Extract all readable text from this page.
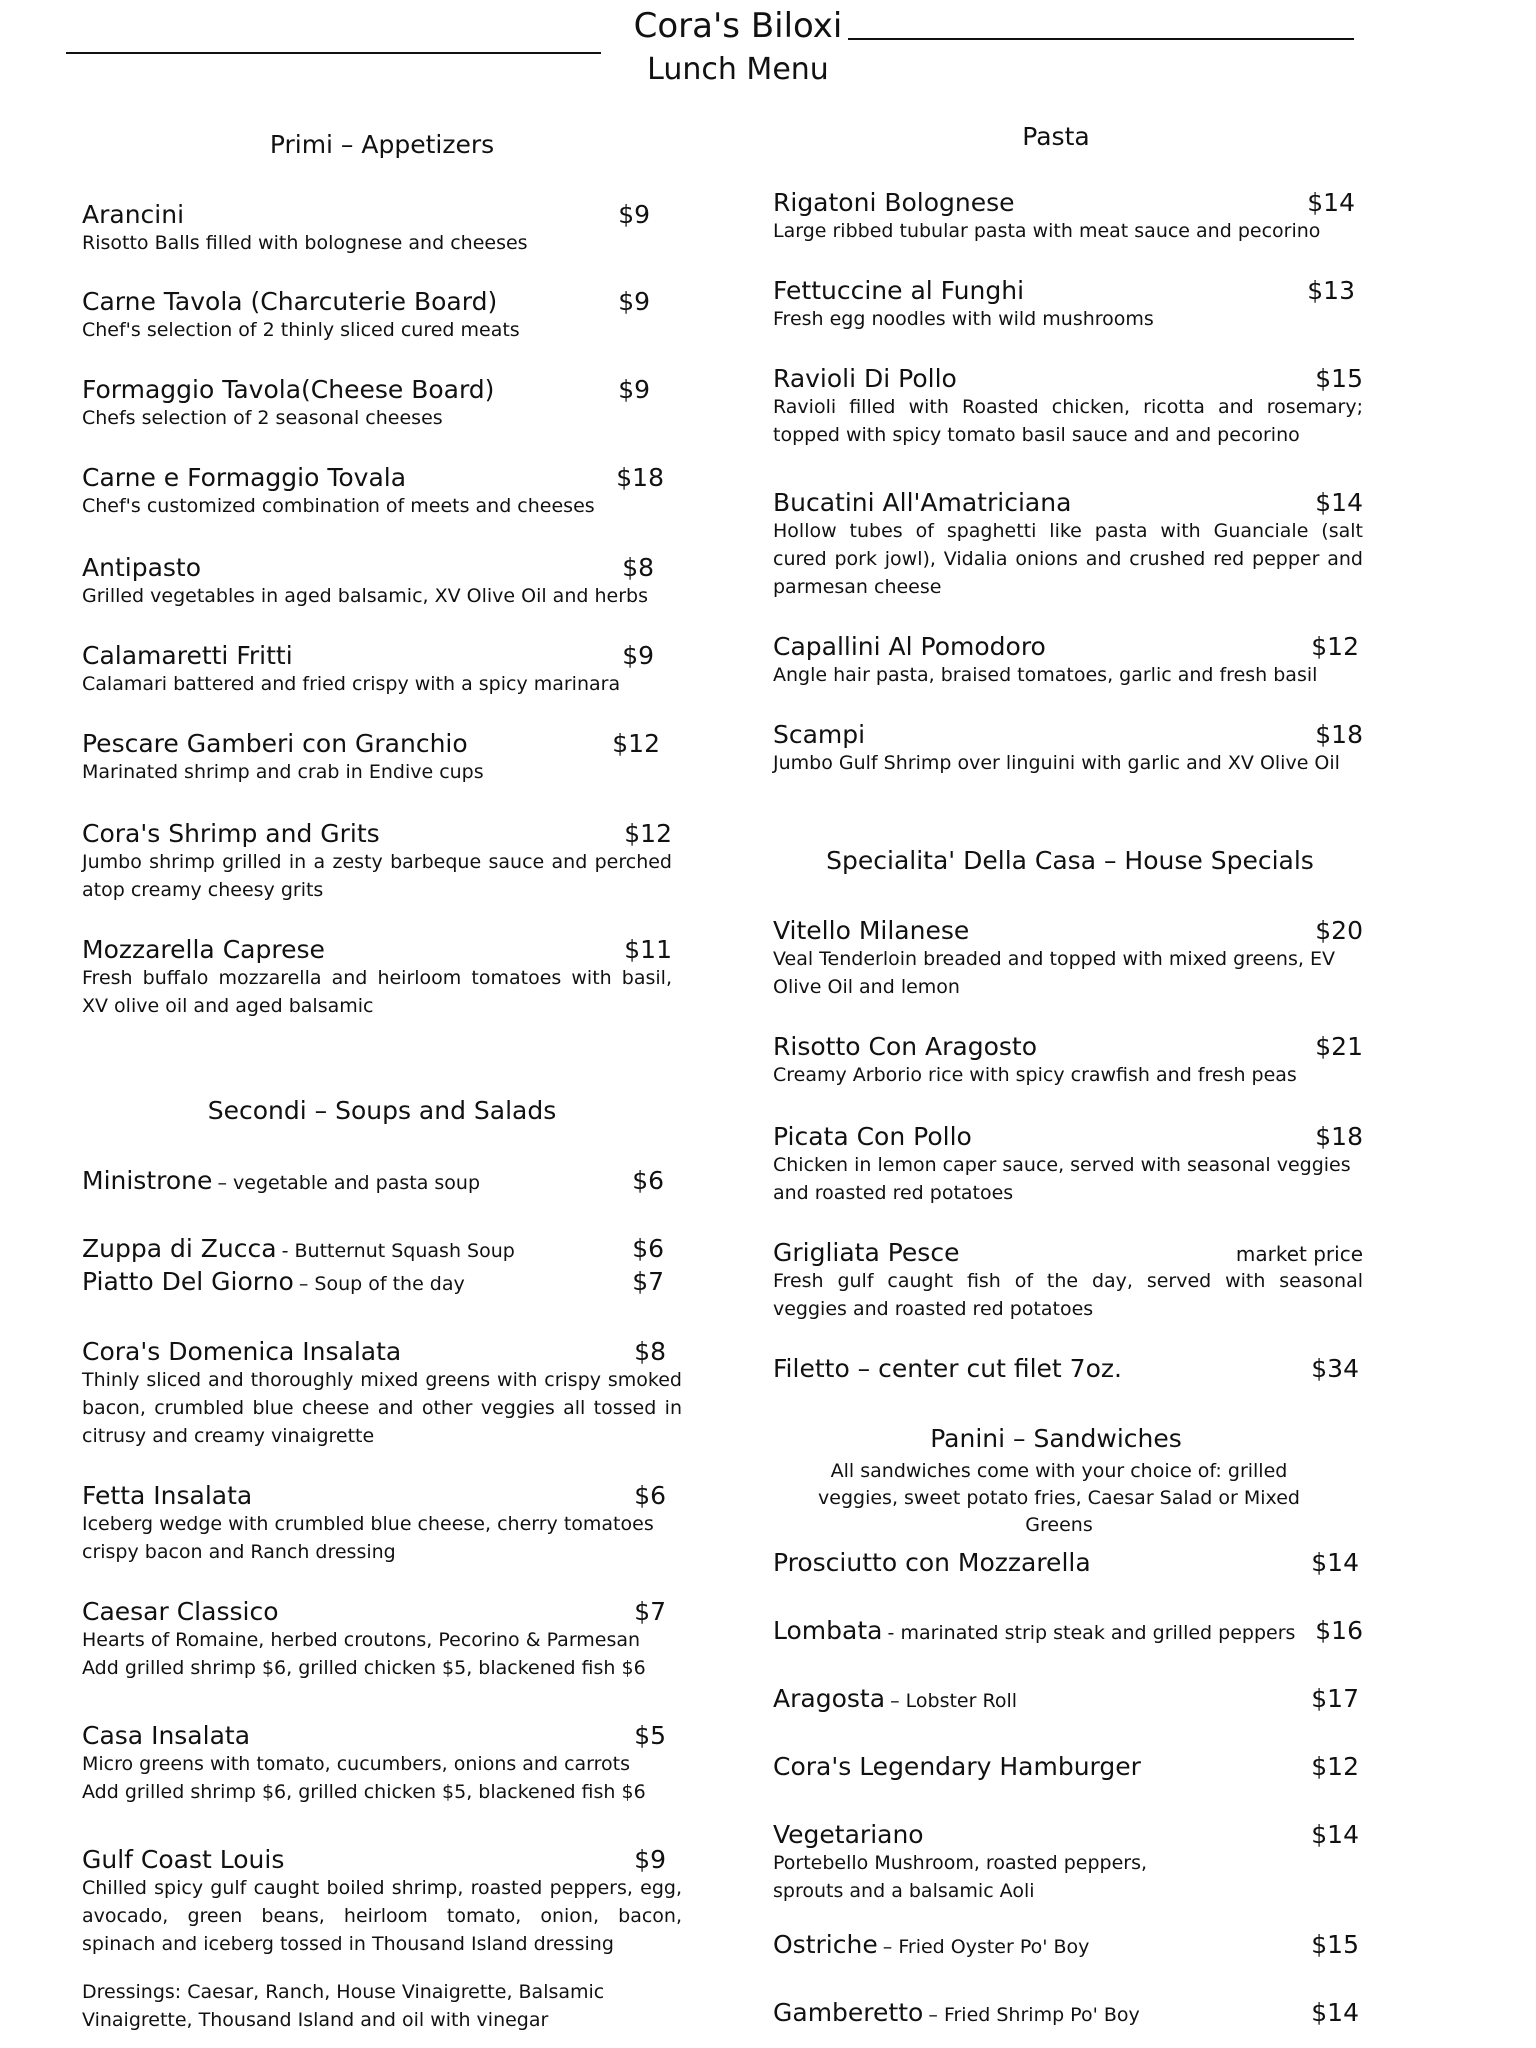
Cora's Biloxi
Lunch Menu
Primi – Appetizers
Arancini	$9
Risotto Balls filled with bolognese and cheeses
Carne Tavola (Charcuterie Board)	$9
Chef's selection of 2 thinly sliced cured meats
Formaggio Tavola(Cheese Board)	$9
Chefs selection of 2 seasonal cheeses
Carne e Formaggio Tovala	$18
Chef's customized combination of meets and cheeses
Antipasto	$8
Grilled vegetables in aged balsamic, XV Olive Oil and herbs
Calamaretti Fritti	$9
Calamari battered and fried crispy with a spicy marinara
Pescare Gamberi con Granchio	$12
Marinated shrimp and crab in Endive cups
Cora's Shrimp and Grits	$12
Jumbo shrimp grilled in a zesty barbeque sauce and perched atop creamy cheesy grits
Mozzarella Caprese	$11
Fresh buffalo mozzarella and heirloom tomatoes with basil, XV olive oil and aged balsamic
Secondi – Soups and Salads
Ministrone – vegetable and pasta soup	$6
Zuppa di Zucca - Butternut Squash Soup	$6
Piatto Del Giorno – Soup of the day	$7
Cora's Domenica Insalata	$8
Thinly sliced and thoroughly mixed greens with crispy smoked bacon, crumbled blue cheese and other veggies all tossed in citrusy and creamy vinaigrette
Fetta Insalata	$6
Iceberg wedge with crumbled blue cheese, cherry tomatoes crispy bacon and Ranch dressing
Caesar Classico	$7
Hearts of Romaine, herbed croutons, Pecorino & Parmesan
Add grilled shrimp $6, grilled chicken $5, blackened fish $6
Casa Insalata	$5
Micro greens with tomato, cucumbers, onions and carrots
Add grilled shrimp $6, grilled chicken $5, blackened fish $6
Gulf Coast Louis	$9
Chilled spicy gulf caught boiled shrimp, roasted peppers, egg, avocado, green beans, heirloom tomato, onion, bacon, spinach and iceberg tossed in Thousand Island dressing
Dressings: Caesar, Ranch, House Vinaigrette, Balsamic Vinaigrette, Thousand Island and oil with vinegar
Pasta
Rigatoni Bolognese	$14
Large ribbed tubular pasta with meat sauce and pecorino
Fettuccine al Funghi	$13
Fresh egg noodles with wild mushrooms
Ravioli Di Pollo	$15
Ravioli filled with Roasted chicken, ricotta and rosemary; topped with spicy tomato basil sauce and and pecorino
Bucatini All'Amatriciana	$14
Hollow tubes of spaghetti like pasta with Guanciale (salt cured pork jowl), Vidalia onions and crushed red pepper and parmesan cheese
Capallini Al Pomodoro	$12
Angle hair pasta, braised tomatoes, garlic and fresh basil
Scampi	$18
Jumbo Gulf Shrimp over linguini with garlic and XV Olive Oil
Specialita' Della Casa – House Specials
Vitello Milanese	$20
Veal Tenderloin breaded and topped with mixed greens, EV Olive Oil and lemon
Risotto Con Aragosto	$21
Creamy Arborio rice with spicy crawfish and fresh peas
Picata Con Pollo	$18
Chicken in lemon caper sauce, served with seasonal veggies and roasted red potatoes
Grigliata Pesce	market price
Fresh gulf caught fish of the day, served with seasonal veggies and roasted red potatoes
Filetto – center cut filet 7oz.	$34
Panini – Sandwiches
All sandwiches come with your choice of: grilled veggies, sweet potato fries, Caesar Salad or Mixed Greens
Prosciutto con Mozzarella	$14
Lombata - marinated strip steak and grilled peppers $16
Aragosta – Lobster Roll	$17
Cora's Legendary Hamburger	$12
Vegetariano	$14
Portebello Mushroom, roasted peppers, sprouts and a balsamic Aoli
Ostriche – Fried Oyster Po' Boy	$15
Gamberetto – Fried Shrimp Po' Boy	$14
